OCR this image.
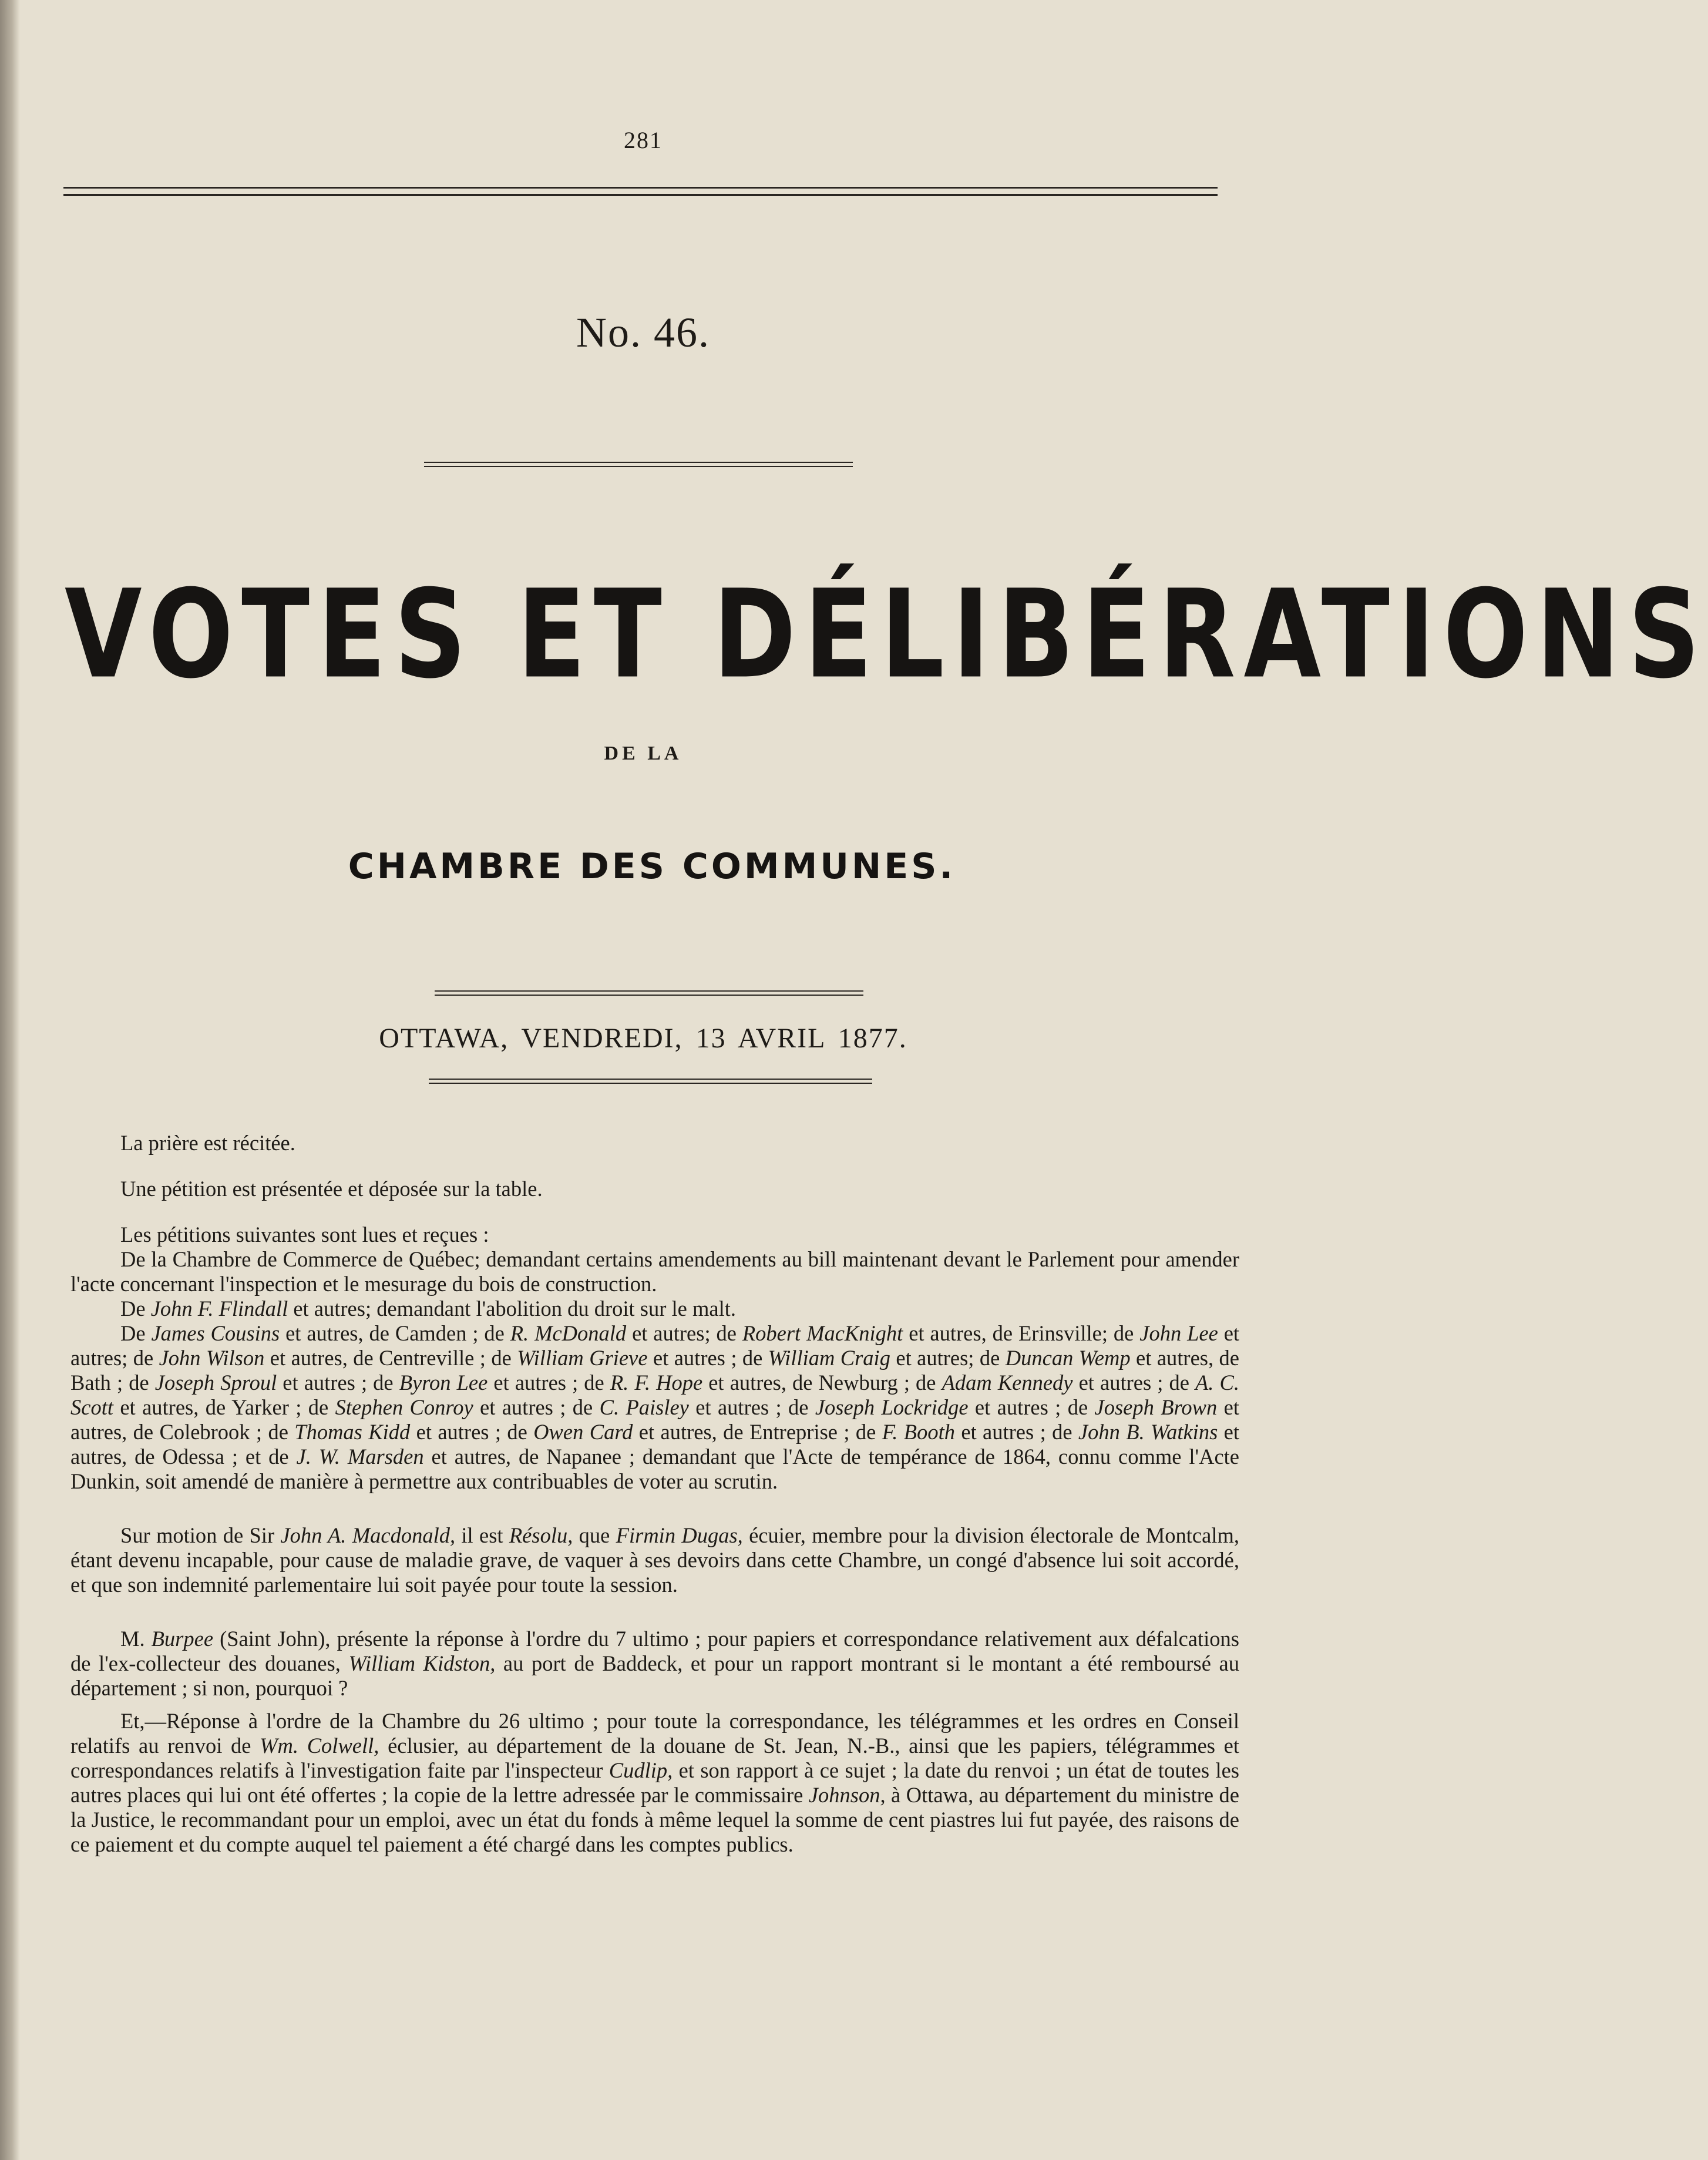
281
No. 46.
VOTES ET DÉLIBÉRATIONS
DE LA
CHAMBRE DES COMMUNES.
OTTAWA, VENDREDI, 13 AVRIL 1877.

La prière est récitée.

Une pétition est présentée et déposée sur la table.

Les pétitions suivantes sont lues et reçues :

De la Chambre de Commerce de Québec; demandant certains amendements au bill maintenant devant le Parlement pour amender l'acte concernant l'inspection et le mesurage du bois de construction.

De John F. Flindall et autres; demandant l'abolition du droit sur le malt.

De James Cousins et autres, de Camden ; de R. McDonald et autres; de Robert MacKnight et autres, de Erinsville; de John Lee et autres; de John Wilson et autres, de Centreville ; de William Grieve et autres ; de William Craig et autres; de Duncan Wemp et autres, de Bath ; de Joseph Sproul et autres ; de Byron Lee et autres ; de R. F. Hope et autres, de Newburg ; de Adam Kennedy et autres ; de A. C. Scott et autres, de Yarker ; de Stephen Conroy et autres ; de C. Paisley et autres ; de Joseph Lockridge et autres ; de Joseph Brown et autres, de Colebrook ; de Thomas Kidd et autres ; de Owen Card et autres, de Entreprise ; de F. Booth et autres ; de John B. Watkins et autres, de Odessa ; et de J. W. Marsden et autres, de Napanee ; demandant que l'Acte de tempérance de 1864, connu comme l'Acte Dunkin, soit amendé de manière à permettre aux contribuables de voter au scrutin.

Sur motion de Sir John A. Macdonald, il est Résolu, que Firmin Dugas, écuier, membre pour la division électorale de Montcalm, étant devenu incapable, pour cause de maladie grave, de vaquer à ses devoirs dans cette Chambre, un congé d'absence lui soit accordé, et que son indemnité parlementaire lui soit payée pour toute la session.

M. Burpee (Saint John), présente la réponse à l'ordre du 7 ultimo ; pour papiers et correspondance relativement aux défalcations de l'ex-collecteur des douanes, William Kidston, au port de Baddeck, et pour un rapport montrant si le montant a été remboursé au département ; si non, pourquoi ?

Et,—Réponse à l'ordre de la Chambre du 26 ultimo ; pour toute la correspondance, les télégrammes et les ordres en Conseil relatifs au renvoi de Wm. Colwell, éclusier, au département de la douane de St. Jean, N.-B., ainsi que les papiers, télégrammes et correspondances relatifs à l'investigation faite par l'inspecteur Cudlip, et son rapport à ce sujet ; la date du renvoi ; un état de toutes les autres places qui lui ont été offertes ; la copie de la lettre adressée par le commissaire Johnson, à Ottawa, au département du ministre de la Justice, le recommandant pour un emploi, avec un état du fonds à même lequel la somme de cent piastres lui fut payée, des raisons de ce paiement et du compte auquel tel paiement a été chargé dans les comptes publics.
